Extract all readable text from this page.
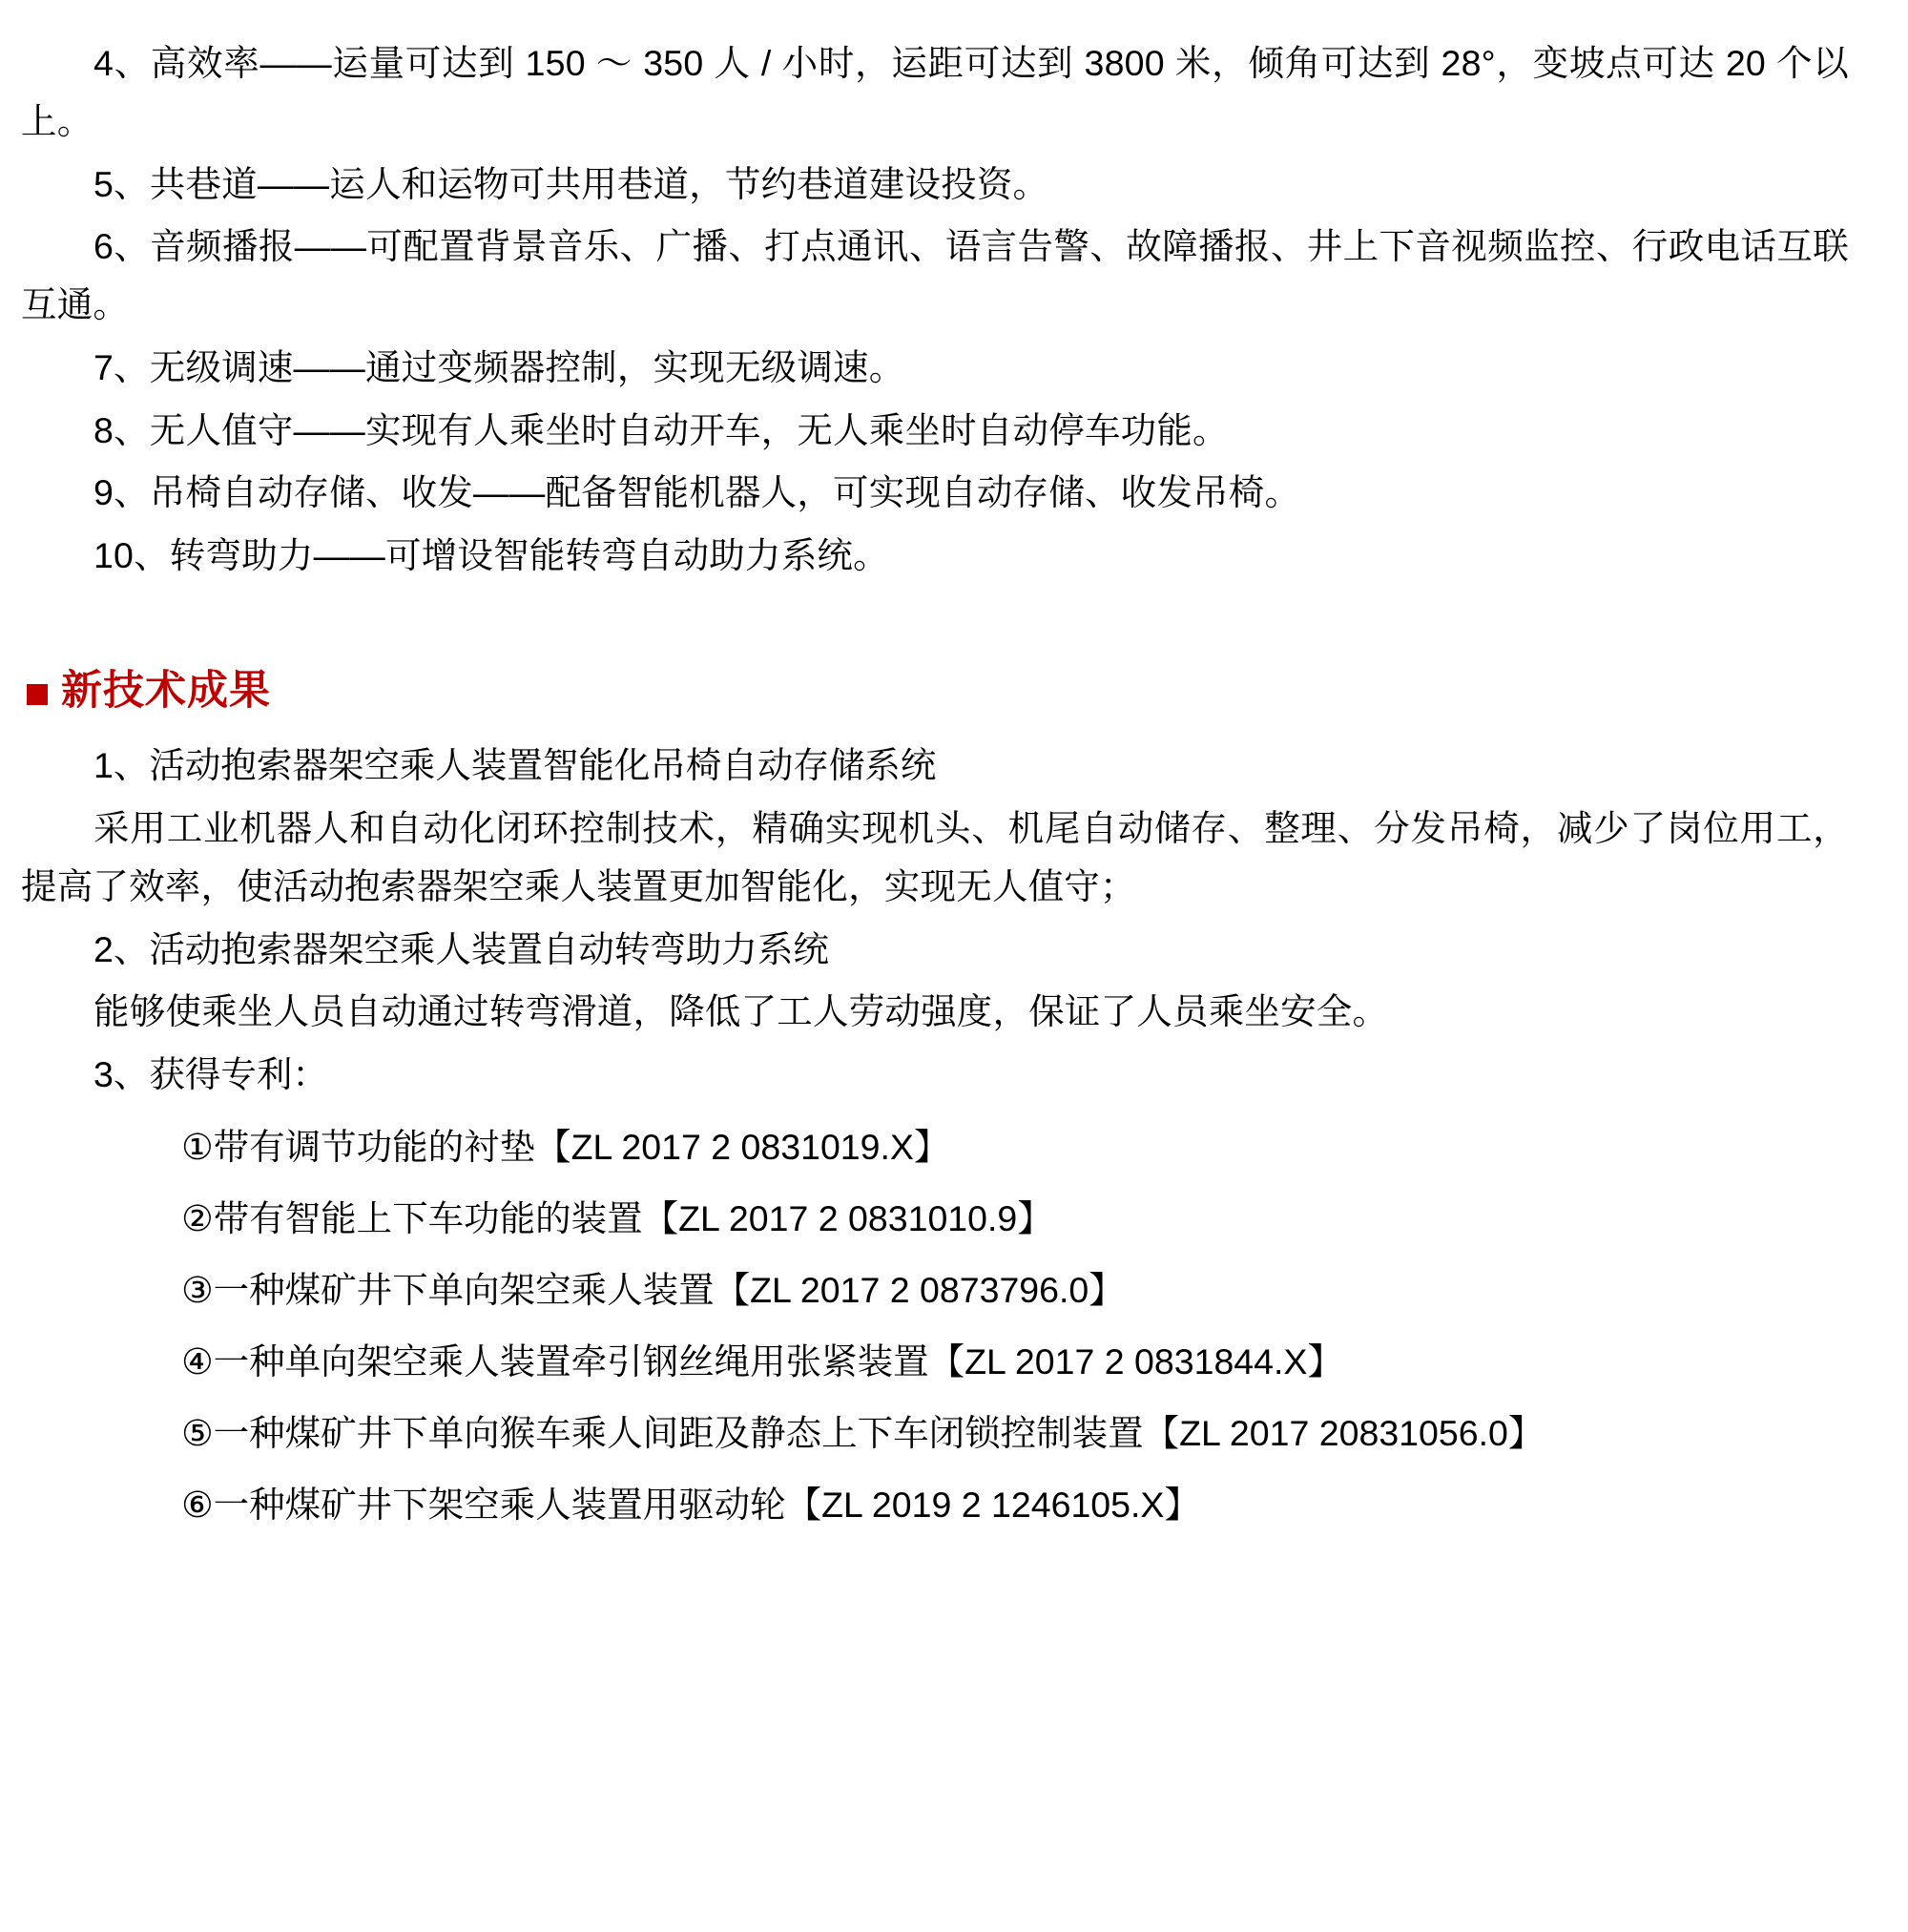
4、高效率——运量可达到 150 ～ 350 人 / 小时，运距可达到 3800 米，倾角可达到 28°，变坡点可达 20 个以上。

5、共巷道——运人和运物可共用巷道，节约巷道建设投资。

6、音频播报——可配置背景音乐、广播、打点通讯、语言告警、故障播报、井上下音视频监控、行政电话互联互通。

7、无级调速——通过变频器控制，实现无级调速。

8、无人值守——实现有人乘坐时自动开车，无人乘坐时自动停车功能。

9、吊椅自动存储、收发——配备智能机器人，可实现自动存储、收发吊椅。

10、转弯助力——可增设智能转弯自动助力系统。

新技术成果

1、活动抱索器架空乘人装置智能化吊椅自动存储系统

采用工业机器人和自动化闭环控制技术，精确实现机头、机尾自动储存、整理、分发吊椅，减少了岗位用工，提高了效率，使活动抱索器架空乘人装置更加智能化，实现无人值守；

2、活动抱索器架空乘人装置自动转弯助力系统

能够使乘坐人员自动通过转弯滑道，降低了工人劳动强度，保证了人员乘坐安全。

3、获得专利：

①带有调节功能的衬垫【ZL 2017 2 0831019.X】

②带有智能上下车功能的装置【ZL 2017 2 0831010.9】

③一种煤矿井下单向架空乘人装置【ZL 2017 2 0873796.0】

④一种单向架空乘人装置牵引钢丝绳用张紧装置【ZL 2017 2 0831844.X】

⑤一种煤矿井下单向猴车乘人间距及静态上下车闭锁控制装置【ZL 2017 20831056.0】

⑥一种煤矿井下架空乘人装置用驱动轮【ZL 2019 2 1246105.X】
